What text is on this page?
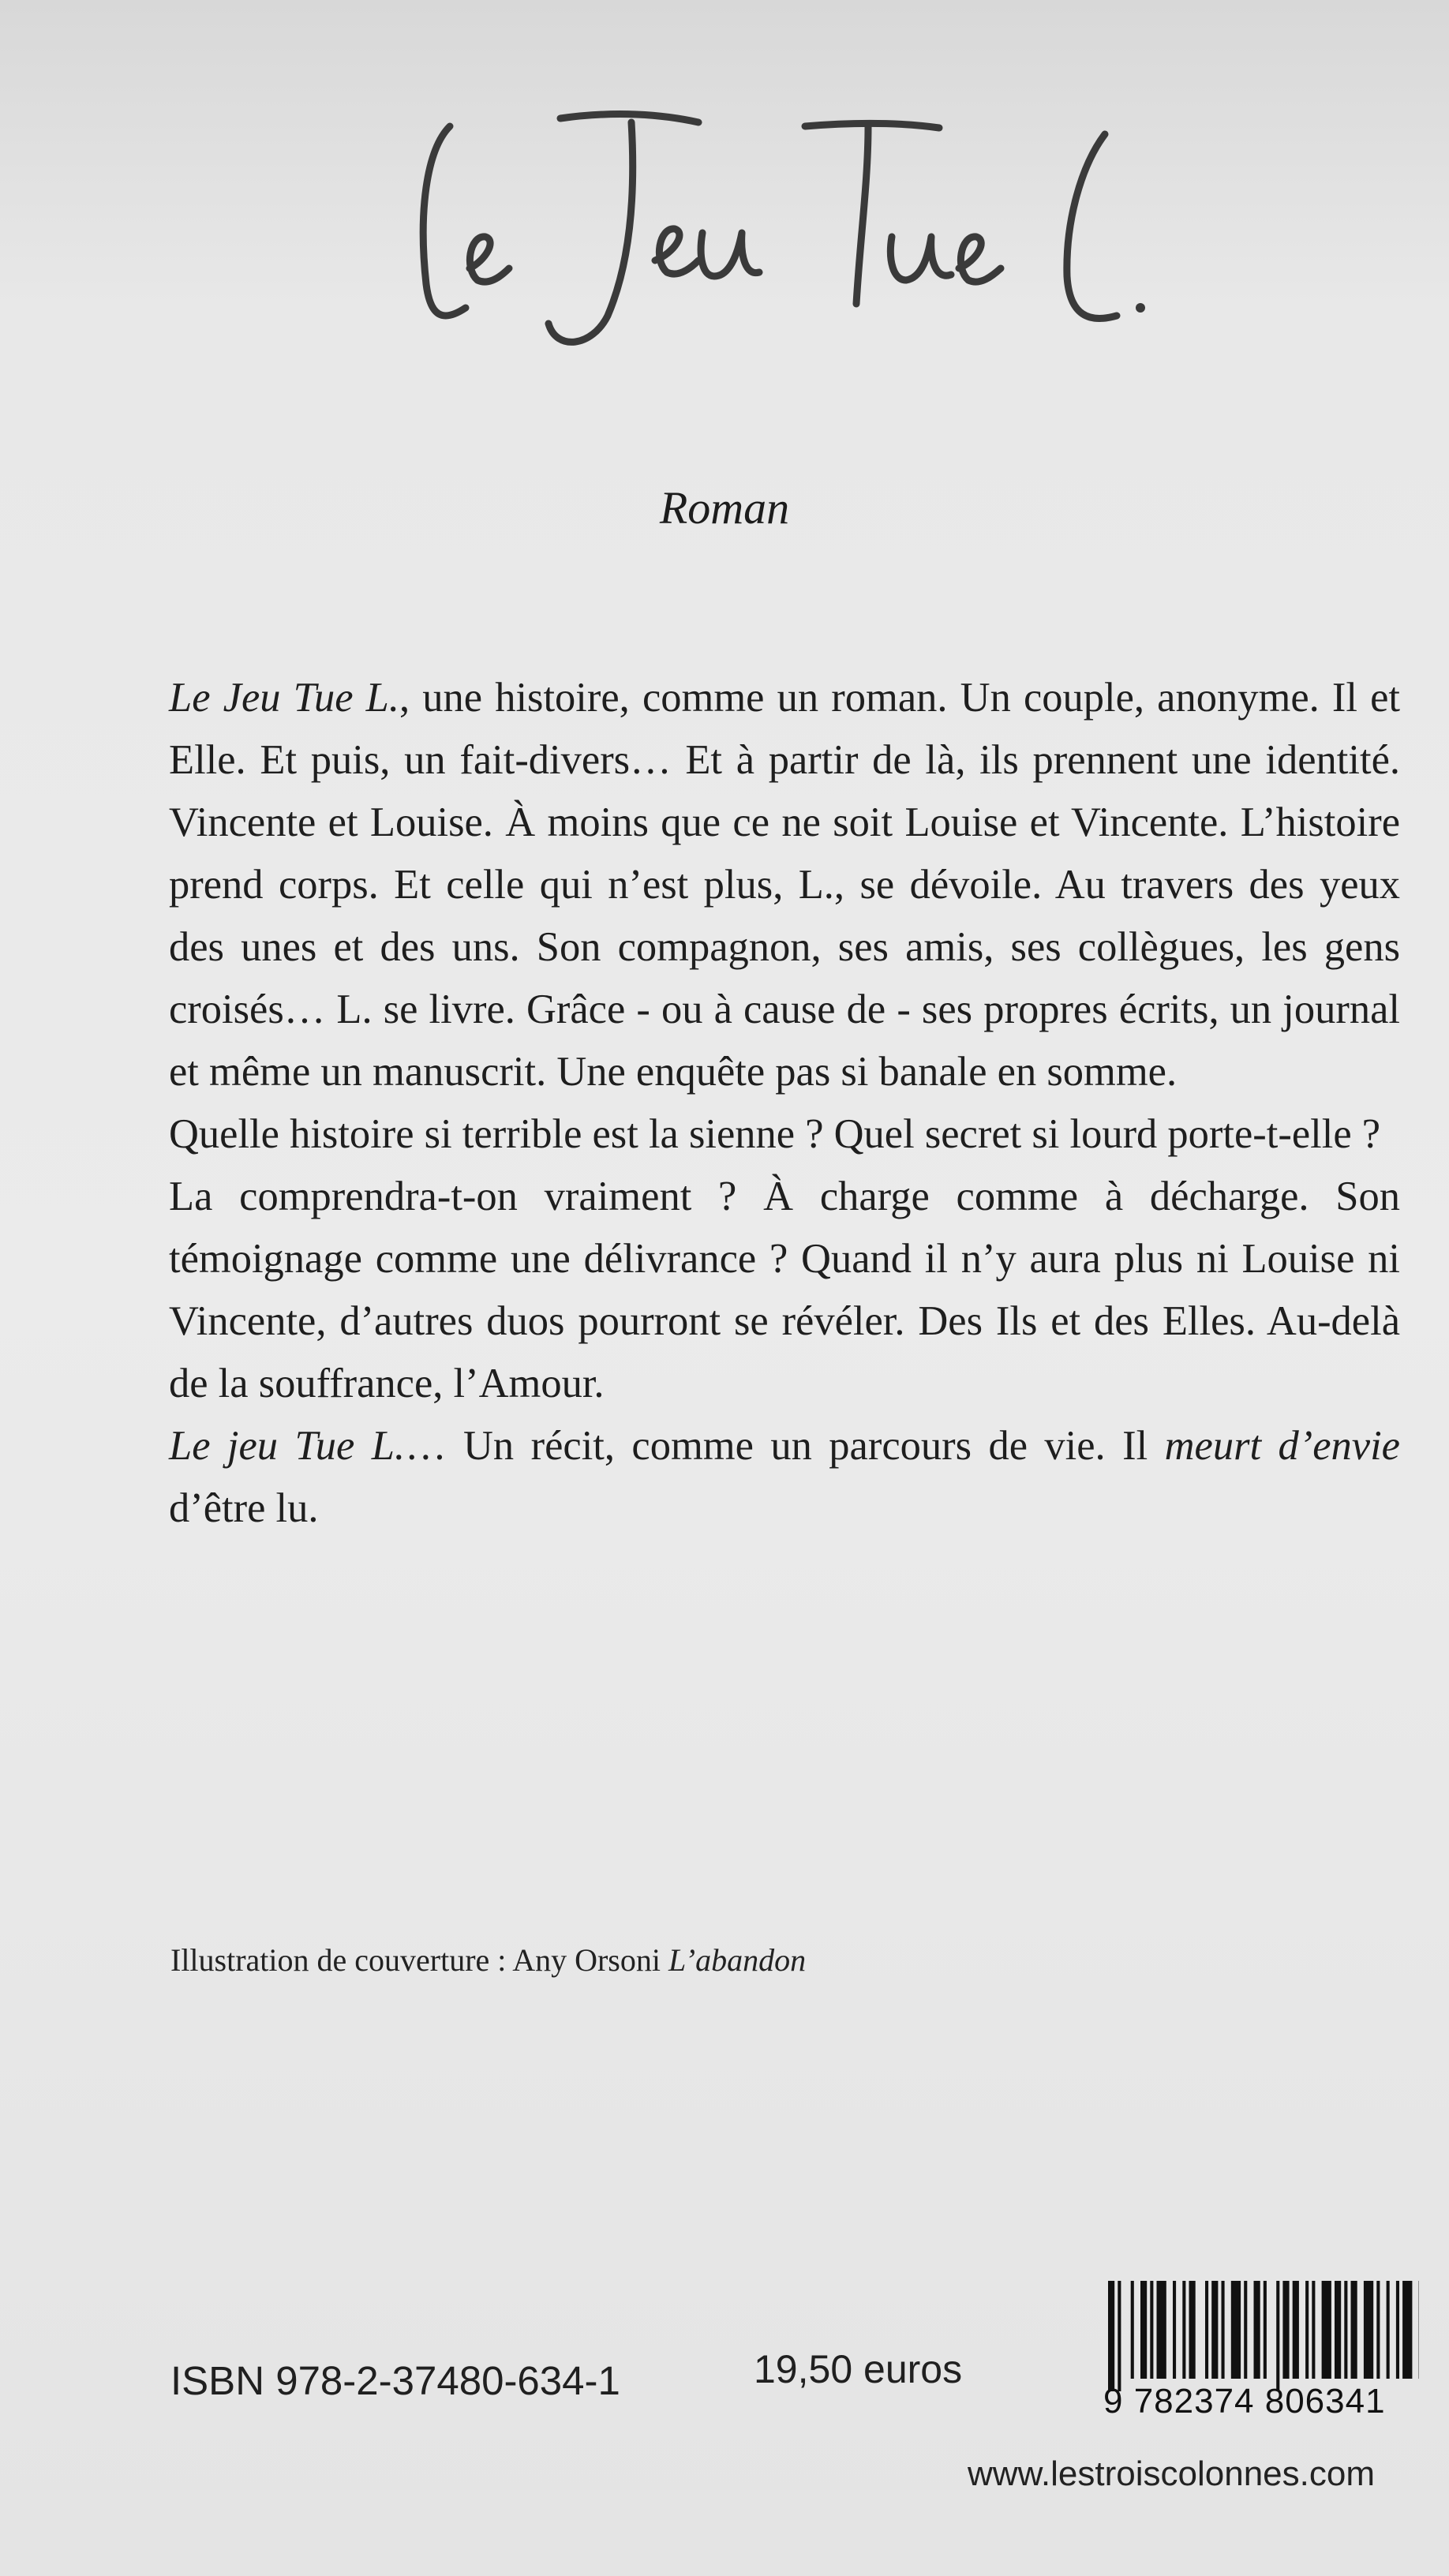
Roman

Le Jeu Tue L., une histoire, comme un roman. Un couple, anonyme. Il et Elle. Et puis, un fait-divers… Et à partir de là, ils prennent une identité. Vincente et Louise. À moins que ce ne soit Louise et Vincente. L’histoire prend corps. Et celle qui n’est plus, L., se dévoile. Au travers des yeux des unes et des uns. Son compagnon, ses amis, ses collègues, les gens croisés… L. se livre. Grâce - ou à cause de - ses propres écrits, un journal et même un manuscrit. Une enquête pas si banale en somme.

Quelle histoire si terrible est la sienne ? Quel secret si lourd porte-t-elle ?

La comprendra-t-on vraiment ? À charge comme à décharge. Son témoignage comme une délivrance ? Quand il n’y aura plus ni Louise ni Vincente, d’autres duos pourront se révéler. Des Ils et des Elles. Au-delà de la souffrance, l’Amour.

Le jeu Tue L.… Un récit, comme un parcours de vie. Il meurt d’envie d’être lu.

Illustration de couverture : Any Orsoni L’abandon
ISBN 978-2-37480-634-1	19,50 euros
9 782374 806341
www.lestroiscolonnes.com
